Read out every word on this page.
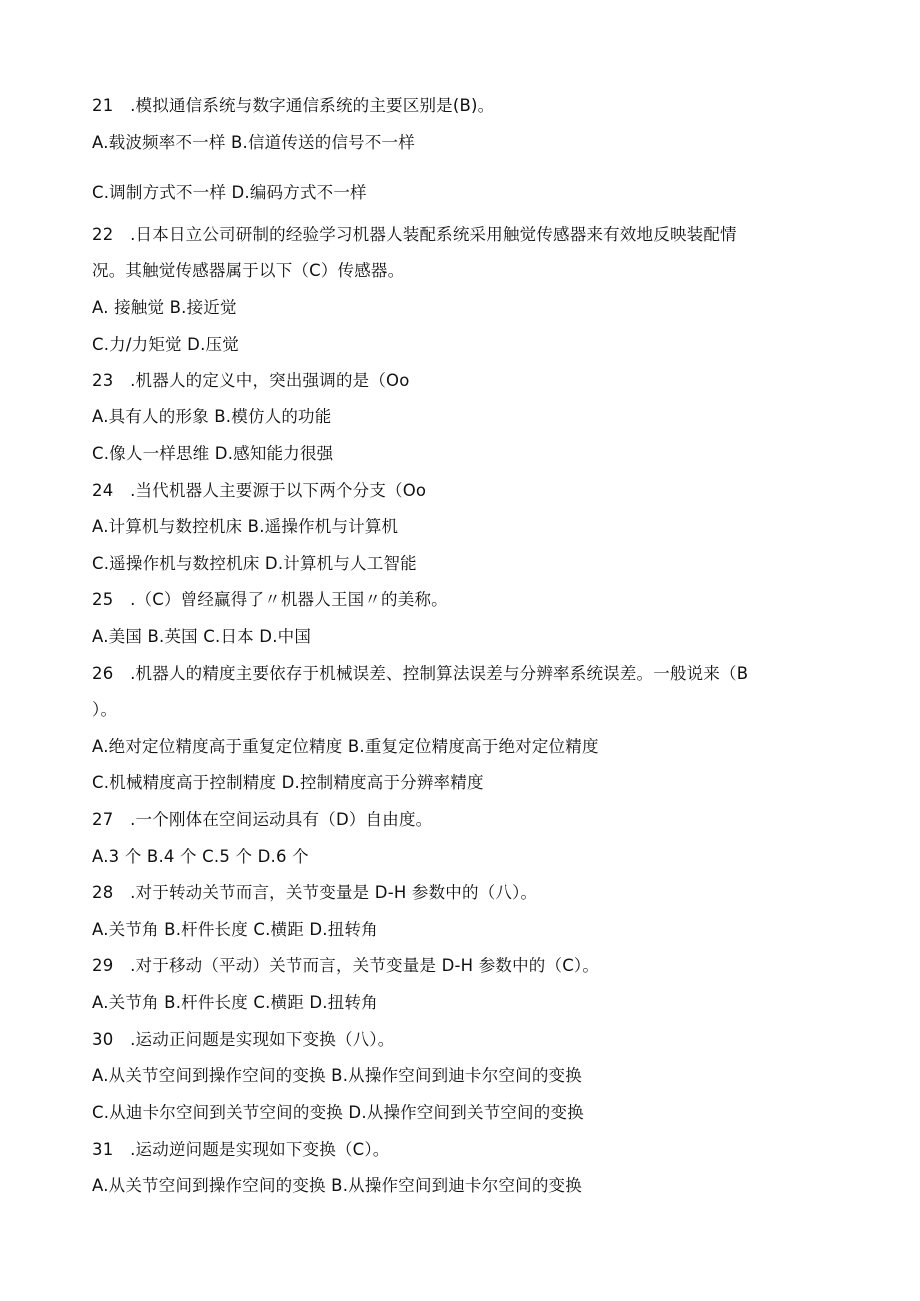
21　.模拟通信系统与数字通信系统的主要区别是(B)。
A.载波频率不一样 B.信道传送的信号不一样
C.调制方式不一样 D.编码方式不一样
22　.日本日立公司研制的经验学习机器人装配系统采用触觉传感器来有效地反映装配情
况。其触觉传感器属于以下（C）传感器。
A. 接触觉 B.接近觉
C.力/力矩觉 D.压觉
23　.机器人的定义中，突出强调的是（Oo
A.具有人的形象 B.模仿人的功能
C.像人一样思维 D.感知能力很强
24　.当代机器人主要源于以下两个分支（Oo
A.计算机与数控机床 B.遥操作机与计算机
C.遥操作机与数控机床 D.计算机与人工智能
25　.（C）曾经赢得了〃机器人王国〃的美称。
A.美国 B.英国 C.日本 D.中国
26　.机器人的精度主要依存于机械误差、控制算法误差与分辨率系统误差。一般说来（B
）。
A.绝对定位精度高于重复定位精度 B.重复定位精度高于绝对定位精度
C.机械精度高于控制精度 D.控制精度高于分辨率精度
27　.一个刚体在空间运动具有（D）自由度。
A.3 个 B.4 个 C.5 个 D.6 个
28　.对于转动关节而言，关节变量是 D-H 参数中的（八）。
A.关节角 B.杆件长度 C.横距 D.扭转角
29　.对于移动（平动）关节而言，关节变量是 D-H 参数中的（C）。
A.关节角 B.杆件长度 C.横距 D.扭转角
30　.运动正问题是实现如下变换（八）。
A.从关节空间到操作空间的变换 B.从操作空间到迪卡尔空间的变换
C.从迪卡尔空间到关节空间的变换 D.从操作空间到关节空间的变换
31　.运动逆问题是实现如下变换（C）。
A.从关节空间到操作空间的变换 B.从操作空间到迪卡尔空间的变换
